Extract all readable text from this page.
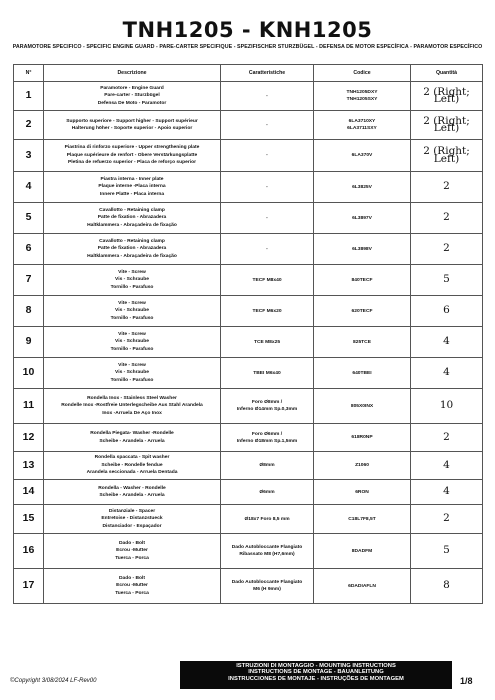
TNH1205 - KNH1205
PARAMOTORE SPECIFICO - SPECIFIC ENGINE GUARD - PARE-CARTER SPECIFIQUE - SPEZIFISCHER STURZBÜGEL - DEFENSA DE MOTOR ESPECÍFICA - PARAMOTOR ESPECÍFICO
N°	Descrizione	Caratteristiche	Codice	Quantità
1	Paramotore - Engine Guard
Pare-carter - Sturzbügel
Defensa De Moto - Paramotor	-	TNH1205DXY
TNH1205SXY	2 (Right; Left)
2	Supporto superiore - Support higher - Support supérieur
Halterung höher - Soporte superior - Apoio superior	-	6LA3710XY
6LA3711SXY	2 (Right; Left)
3	Piastrina di rinforzo superiore - Upper strengthening plate
Plaque supérieure de renfort - Obere Verstärkungsplatte
Pletina de refuerzo superior - Placa de reforço superior	-	6LA370V	2 (Right; Left)
4	Piastra interna - Inner plate
Plaque interne -Placa interna
Innere Platte - Placa interna	-	6L3825V	2
5	Cavallotto - Retaining clamp
Patte de fixation - Abrazadera
Haltklammera - Abraçadeira de fixação	-	6L3897V	2
6	Cavallotto - Retaining clamp
Patte de fixation - Abrazadera
Haltklammera - Abraçadeira de fixação	-	6L3898V	2
7	Vite - Screw
Vis - Schraube
Tornillo - Parafuso	TECF M8x40	840TECF	5
8	Vite - Screw
Vis - Schraube
Tornillo - Parafuso	TECF M6x20	620TECF	6
9	Vite - Screw
Vis - Schraube
Tornillo - Parafuso	TCE M8x25	825TCE	4
10	Vite - Screw
Vis - Schraube
Tornillo - Parafuso	TBEI M6x40	640TBEI	4
11	Rondella Inox - Stainless Steel Washer
Rondelle Inox -Rostfreie Unterlegscheibe Aus Stahl Arandela
Inox -Arruela De Aço Inox	Foro Ø8mm /
Inferno Ø14mm Sp.0,3mm	805X0INX	10
12	Rondella Piegata- Washer -Rondelle
Scheibe - Arandela - Arruela	Foro Ø6mm /
Inferno Ø18mm Sp.1,5mm	618R0NP	2
13	Rondella spaccata - Spit washer
Scheibe - Rondelle fendue
Arandela seccionada - Arruela Dentada	Ø8mm	Z1060	4
14	Rondella - Washer - Rondelle
Scheibe - Arandela - Arruela	Ø6mm	6RON	4
15	Distanziale - Spacer
Entretoise - Distanzstueck
Distanciador - Espaçador	Ø18x7 Foro 8,5 mm	C18L7F8,5T	2
16	Dado - Bolt
Ecrou -Mutter
Tuerca - Porca	Dado Autobloccante Flangiato
Ribassato M8 (H7,6mm)	8DADFM	5
17	Dado - Bolt
Ecrou -Mutter
Tuerca - Porca	Dado Autobloccante Flangiato
M6 (H 9mm)	6DADIAFLN	8
©Copyright 3/08/2024 LF-Rev00
ISTRUZIONI DI MONTAGGIO - MOUNTING INSTRUCTIONS
INSTRUCTIONS DE MONTAGE - BAUANLEITUNG
INSTRUCCIONES DE MONTAJE - INSTRUÇÕES DE MONTAGEM	1/8
